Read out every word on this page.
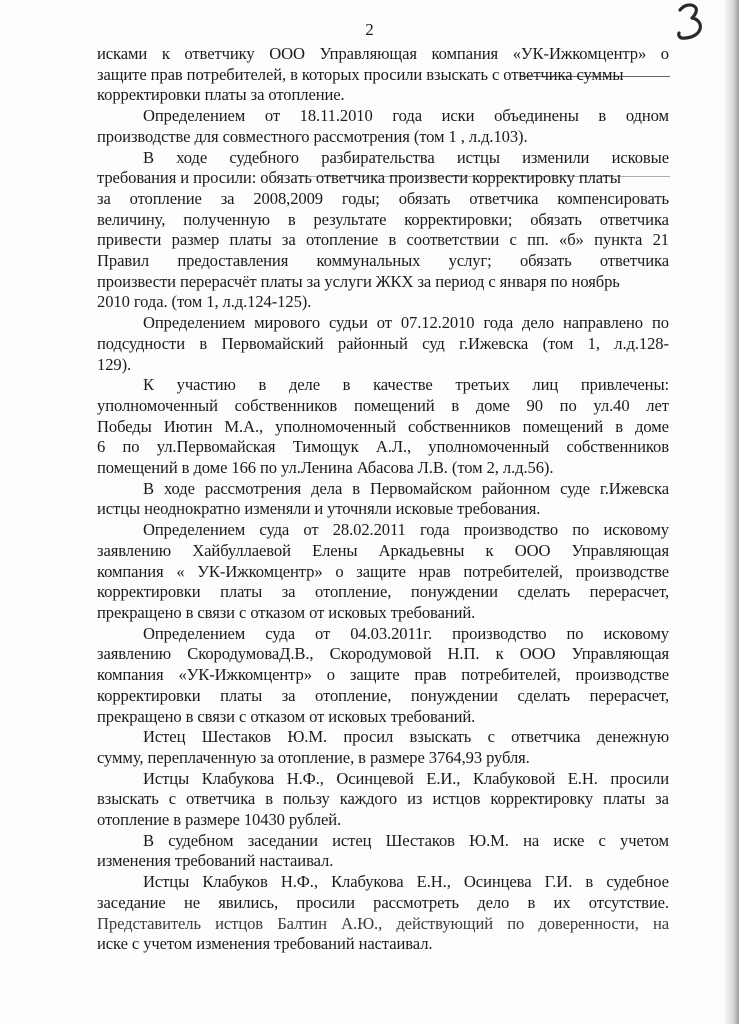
2
исками к ответчику ООО Управляющая компания «УК-Ижкомцентр» о
защите прав потребителей, в которых просили взыскать с ответчика суммы
корректировки платы за отопление.
Определением от 18.11.2010 года иски объединены в одном
производстве для совместного рассмотрения (том 1 , л.д.103).
В ходе судебного разбирательства истцы изменили исковые
требования и просили: обязать ответчика произвести корректировку платы
за отопление за 2008,2009 годы; обязать ответчика компенсировать
величину, полученную в результате корректировки; обязать ответчика
привести размер платы за отопление в соответствии с пп. «б» пункта 21
Правил предоставления коммунальных услуг; обязать ответчика
произвести перерасчёт платы за услуги ЖКХ за период с января по ноябрь
2010 года. (том 1, л.д.124-125).
Определением мирового судьи от 07.12.2010 года дело направлено по
подсудности в Первомайский районный суд г.Ижевска (том 1, л.д.128-
129).
К участию в деле в качестве третьих лиц привлечены:
уполномоченный собственников помещений в доме 90 по ул.40 лет
Победы Иютин М.А., уполномоченный собственников помещений в доме
6 по ул.Первомайская Тимощук А.Л., уполномоченный собственников
помещений в доме 166 по ул.Ленина Абасова Л.В. (том 2, л.д.56).
В ходе рассмотрения дела в Первомайском районном суде г.Ижевска
истцы неоднократно изменяли и уточняли исковые требования.
Определением суда от 28.02.2011 года производство по исковому
заявлению Хайбуллаевой Елены Аркадьевны к ООО Управляющая
компания « УК-Ижкомцентр» о защите нрав потребителей, производстве
корректировки платы за отопление, понуждении сделать перерасчет,
прекращено в связи с отказом от исковых требований.
Определением суда от 04.03.2011г. производство по исковому
заявлению СкородумоваД.В., Скородумовой Н.П. к ООО Управляющая
компания «УК-Ижкомцентр» о защите прав потребителей, производстве
корректировки платы за отопление, понуждении сделать перерасчет,
прекращено в связи с отказом от исковых требований.
Истец Шестаков Ю.М. просил взыскать с ответчика денежную
сумму, переплаченную за отопление, в размере 3764,93 рубля.
Истцы Клабукова Н.Ф., Осинцевой Е.И., Клабуковой Е.Н. просили
взыскать с ответчика в пользу каждого из истцов корректировку платы за
отопление в размере 10430 рублей.
В судебном заседании истец Шестаков Ю.М. на иске с учетом
изменения требований настаивал.
Истцы Клабуков Н.Ф., Клабукова Е.Н., Осинцева Г.И. в судебное
заседание не явились, просили рассмотреть дело в их отсутствие.
Представитель истцов Балтин А.Ю., действующий по доверенности, на
иске с учетом изменения требований настаивал.
